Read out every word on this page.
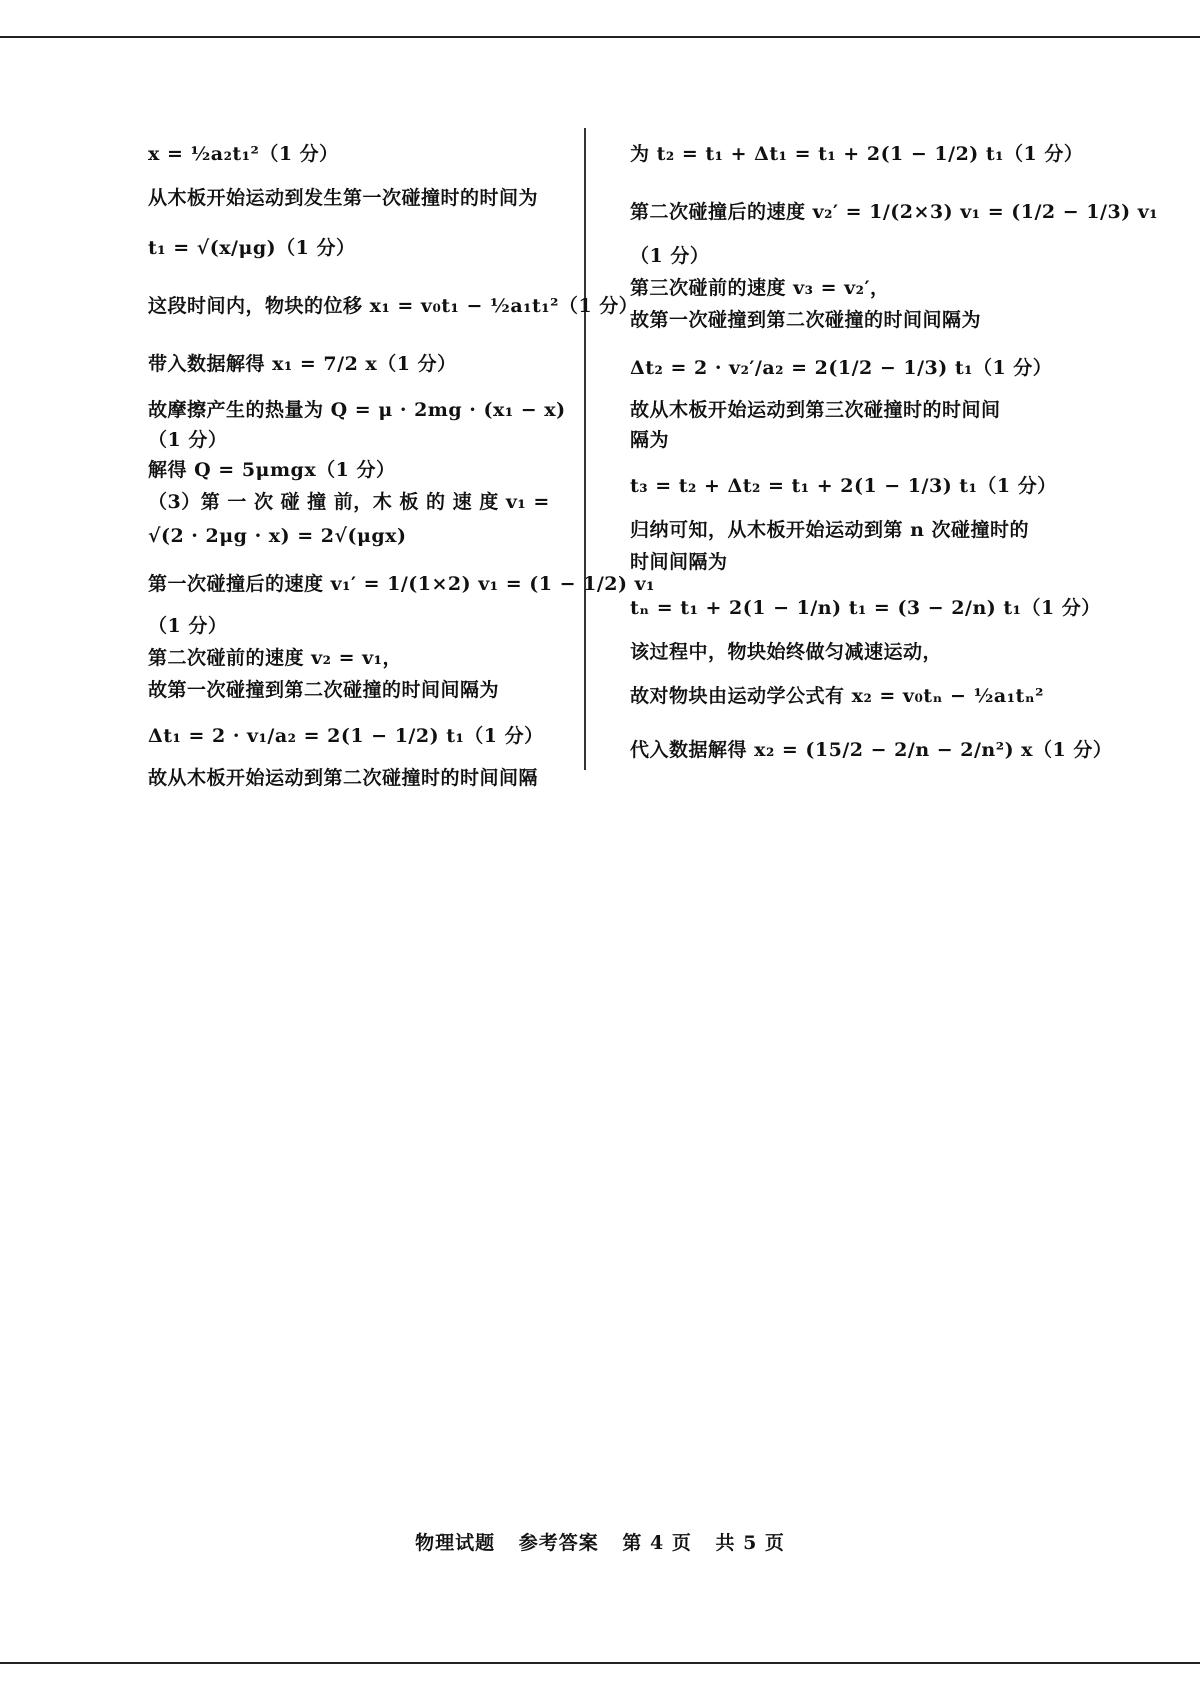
x = ½a₂t₁²（1 分）
从木板开始运动到发生第一次碰撞时的时间为
t₁ = √(x/μg)（1 分）
这段时间内，物块的位移 x₁ = v₀t₁ − ½a₁t₁²（1 分）
带入数据解得 x₁ = 7/2 x（1 分）
故摩擦产生的热量为 Q = μ · 2mg · (x₁ − x)
（1 分）
解得 Q = 5μmgx（1 分）
（3）第 一 次 碰 撞 前，木 板 的 速 度 v₁ =
√(2 · 2μg · x) = 2√(μgx)
第一次碰撞后的速度 v₁′ = 1/(1×2) v₁ = (1 − 1/2) v₁
（1 分）
第二次碰前的速度 v₂ = v₁，
故第一次碰撞到第二次碰撞的时间间隔为
Δt₁ = 2 · v₁/a₂ = 2(1 − 1/2) t₁（1 分）
故从木板开始运动到第二次碰撞时的时间间隔
为 t₂ = t₁ + Δt₁ = t₁ + 2(1 − 1/2) t₁（1 分）
第二次碰撞后的速度 v₂′ = 1/(2×3) v₁ = (1/2 − 1/3) v₁
（1 分）
第三次碰前的速度 v₃ = v₂′，
故第一次碰撞到第二次碰撞的时间间隔为
Δt₂ = 2 · v₂′/a₂ = 2(1/2 − 1/3) t₁（1 分）
故从木板开始运动到第三次碰撞时的时间间
隔为
t₃ = t₂ + Δt₂ = t₁ + 2(1 − 1/3) t₁（1 分）
归纳可知，从木板开始运动到第 n 次碰撞时的
时间间隔为
tₙ = t₁ + 2(1 − 1/n) t₁ = (3 − 2/n) t₁（1 分）
该过程中，物块始终做匀减速运动，
故对物块由运动学公式有 x₂ = v₀tₙ − ½a₁tₙ²
代入数据解得 x₂ = (15/2 − 2/n − 2/n²) x（1 分）
物理试题 参考答案 第 4 页 共 5 页
